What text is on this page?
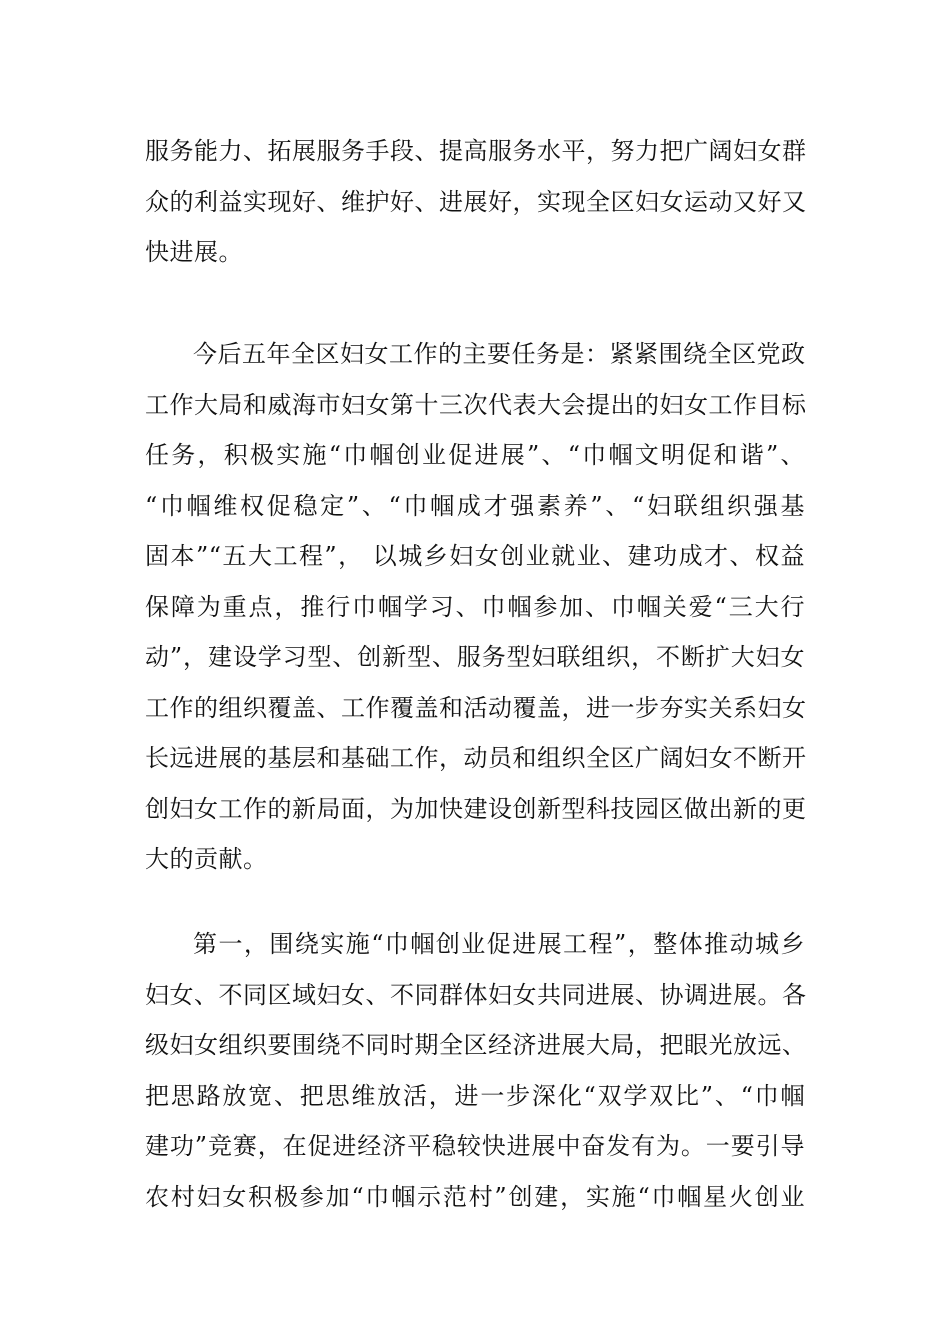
服务能力、拓展服务手段、提高服务水平，努力把广阔妇女群
众的利益实现好、维护好、进展好，实现全区妇女运动又好又
快进展。
今后五年全区妇女工作的主要任务是：紧紧围绕全区党政
工作大局和威海市妇女第十三次代表大会提出的妇女工作目标
任务，积极实施“巾帼创业促进展”、“巾帼文明促和谐”、
“巾帼维权促稳定”、“巾帼成才强素养”、“妇联组织强基
固本”“五大工程”， 以城乡妇女创业就业、建功成才、权益
保障为重点，推行巾帼学习、巾帼参加、巾帼关爱“三大行
动”，建设学习型、创新型、服务型妇联组织，不断扩大妇女
工作的组织覆盖、工作覆盖和活动覆盖，进一步夯实关系妇女
长远进展的基层和基础工作，动员和组织全区广阔妇女不断开
创妇女工作的新局面，为加快建设创新型科技园区做出新的更
大的贡献。
第一，围绕实施“巾帼创业促进展工程”，整体推动城乡
妇女、不同区域妇女、不同群体妇女共同进展、协调进展。各
级妇女组织要围绕不同时期全区经济进展大局，把眼光放远、
把思路放宽、把思维放活，进一步深化“双学双比”、“巾帼
建功”竞赛，在促进经济平稳较快进展中奋发有为。一要引导
农村妇女积极参加“巾帼示范村”创建，实施“巾帼星火创业
